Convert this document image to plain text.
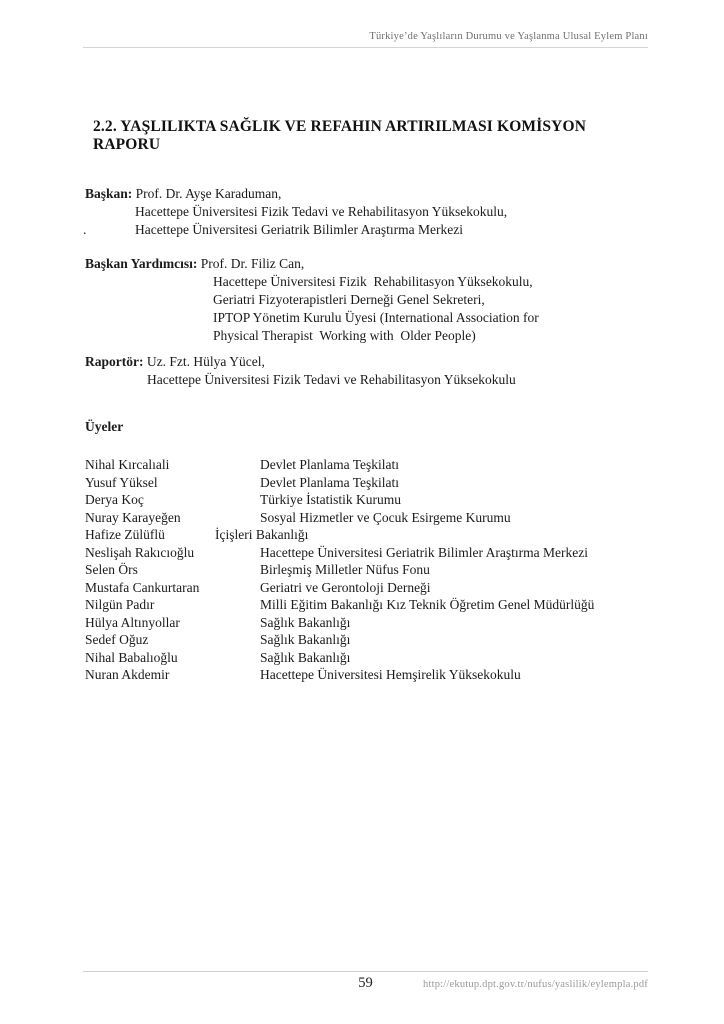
Türkiye’de Yaşlıların Durumu ve Yaşlanma Ulusal Eylem Planı
2.2. YAŞLILIKTA SAĞLIK VE REFAHIN ARTIRILMASI KOMİSYON RAPORU
Başkan: Prof. Dr. Ayşe Karaduman,
Hacettepe Üniversitesi Fizik Tedavi ve Rehabilitasyon Yüksekokulu,
.	Hacettepe Üniversitesi Geriatrik Bilimler Araştırma Merkezi
Başkan Yardımcısı: Prof. Dr. Filiz Can,
Hacettepe Üniversitesi Fizik  Rehabilitasyon Yüksekokulu,
Geriatri Fizyoterapistleri Derneği Genel Sekreteri,
IPTOP Yönetim Kurulu Üyesi (International Association for
Physical Therapist  Working with  Older People)
Raportör: Uz. Fzt. Hülya Yücel,
Hacettepe Üniversitesi Fizik Tedavi ve Rehabilitasyon Yüksekokulu
Üyeler
Nihal Kırcalıali	Devlet Planlama Teşkilatı
Yusuf Yüksel	Devlet Planlama Teşkilatı
Derya Koç	Türkiye İstatistik Kurumu
Nuray Karayeğen	Sosyal Hizmetler ve Çocuk Esirgeme Kurumu
Hafize Zülüflü	İçişleri Bakanlığı
Neslişah Rakıcıoğlu	Hacettepe Üniversitesi Geriatrik Bilimler Araştırma Merkezi
Selen Örs	Birleşmiş Milletler Nüfus Fonu
Mustafa Cankurtaran	Geriatri ve Gerontoloji Derneği
Nilgün Padır	Milli Eğitim Bakanlığı Kız Teknik Öğretim Genel Müdürlüğü
Hülya Altınyollar	Sağlık Bakanlığı
Sedef Oğuz	Sağlık Bakanlığı
Nihal Babalıoğlu	Sağlık Bakanlığı
Nuran Akdemir	Hacettepe Üniversitesi Hemşirelik Yüksekokulu
59	http://ekutup.dpt.gov.tr/nufus/yaslilik/eylempla.pdf
